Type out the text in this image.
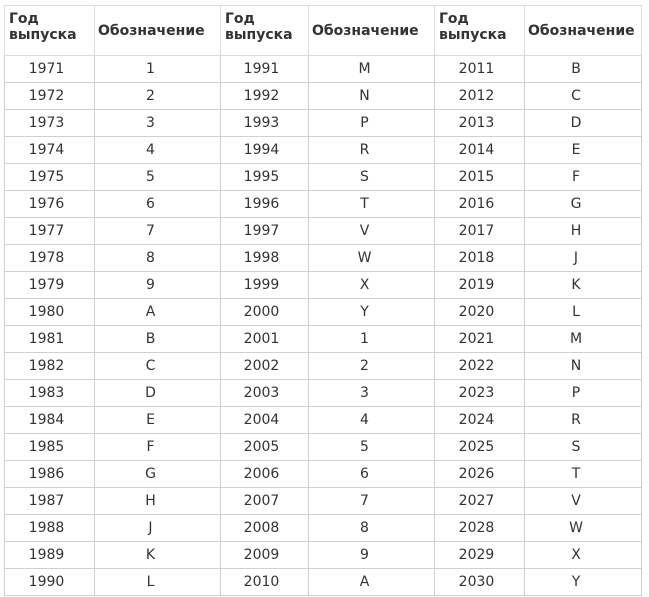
Год
выпуска	Обозначение	Год
выпуска	Обозначение	Год
выпуска	Обозначение
1971	1	1991	M	2011	B
1972	2	1992	N	2012	C
1973	3	1993	P	2013	D
1974	4	1994	R	2014	E
1975	5	1995	S	2015	F
1976	6	1996	T	2016	G
1977	7	1997	V	2017	H
1978	8	1998	W	2018	J
1979	9	1999	X	2019	K
1980	A	2000	Y	2020	L
1981	B	2001	1	2021	M
1982	C	2002	2	2022	N
1983	D	2003	3	2023	P
1984	E	2004	4	2024	R
1985	F	2005	5	2025	S
1986	G	2006	6	2026	T
1987	H	2007	7	2027	V
1988	J	2008	8	2028	W
1989	K	2009	9	2029	X
1990	L	2010	A	2030	Y
